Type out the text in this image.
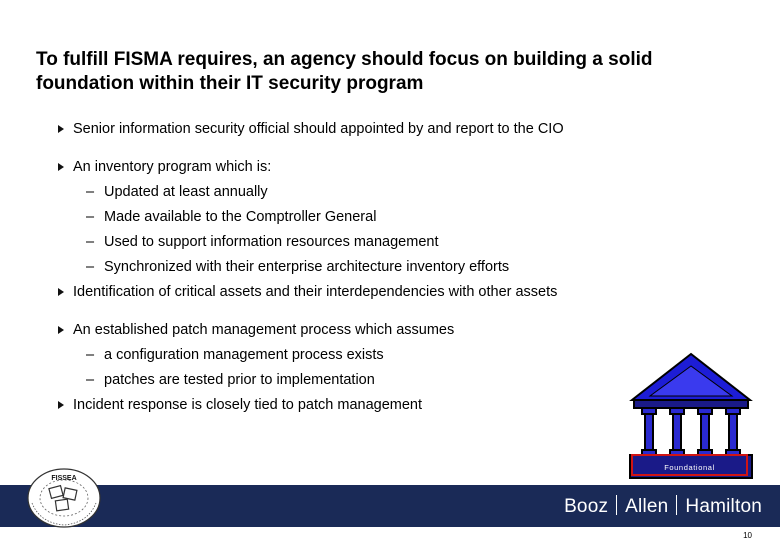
To fulfill FISMA requires, an agency should focus on building a solid foundation within their IT security program
Senior information security official should appointed by and report to the CIO
An inventory program which is:
– Updated at least annually
– Made available to the Comptroller General
– Used to support information resources management
– Synchronized with their enterprise architecture inventory efforts
Identification of critical assets and their interdependencies with other assets
An established patch management process which assumes
– a configuration management process exists
– patches are tested prior to implementation
Incident response is closely tied to patch management
Foundational
Booz Allen Hamilton
FISSEA
10
